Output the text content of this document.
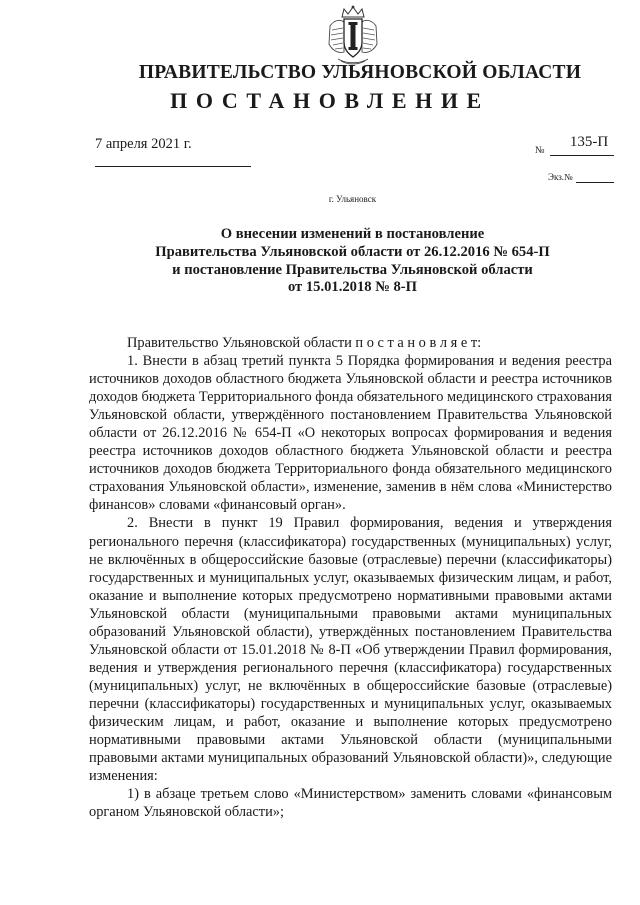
ПРАВИТЕЛЬСТВО УЛЬЯНОВСКОЙ ОБЛАСТИ
ПОСТАНОВЛЕНИЕ
7 апреля 2021 г.	№
135-П
Экз.№
г. Ульяновск
О внесении изменений в постановление
Правительства Ульяновской области от 26.12.2016 № 654-П
и постановление Правительства Ульяновской области
от 15.01.2018 № 8-П

Правительство Ульяновской области п о с т а н о в л я е т:

1. Внести в абзац третий пункта 5 Порядка формирования и ведения реестра источников доходов областного бюджета Ульяновской области и реестра источников доходов бюджета Территориального фонда обязательного медицинского страхования Ульяновской области, утверждённого постановлением Правительства Ульяновской области от 26.12.2016 № 654-П «О некоторых вопросах формирования и ведения реестра источников доходов областного бюджета Ульяновской области и реестра источников доходов бюджета Территориального фонда обязательного медицинского страхования Ульяновской области», изменение, заменив в нём слова «Министерство финансов» словами «финансовый орган».

2. Внести в пункт 19 Правил формирования, ведения и утверждения регионального перечня (классификатора) государственных (муниципальных) услуг, не включённых в общероссийские базовые (отраслевые) перечни (классификаторы) государственных и муниципальных услуг, оказываемых физическим лицам, и работ, оказание и выполнение которых предусмотрено нормативными правовыми актами Ульяновской области (муниципальными правовыми актами муниципальных образований Ульяновской области), утверждённых постановлением Правительства Ульяновской области от 15.01.2018 № 8-П «Об утверждении Правил формирования, ведения и утверждения регионального перечня (классификатора) государственных (муниципальных) услуг, не включённых в общероссийские базовые (отраслевые) перечни (классификаторы) государственных и муниципальных услуг, оказываемых физическим лицам, и работ, оказание и выполнение которых предусмотрено нормативными правовыми актами Ульяновской области (муниципальными правовыми актами муниципальных образований Ульяновской области)», следующие изменения:

1) в абзаце третьем слово «Министерством» заменить словами «финансовым органом Ульяновской области»;
